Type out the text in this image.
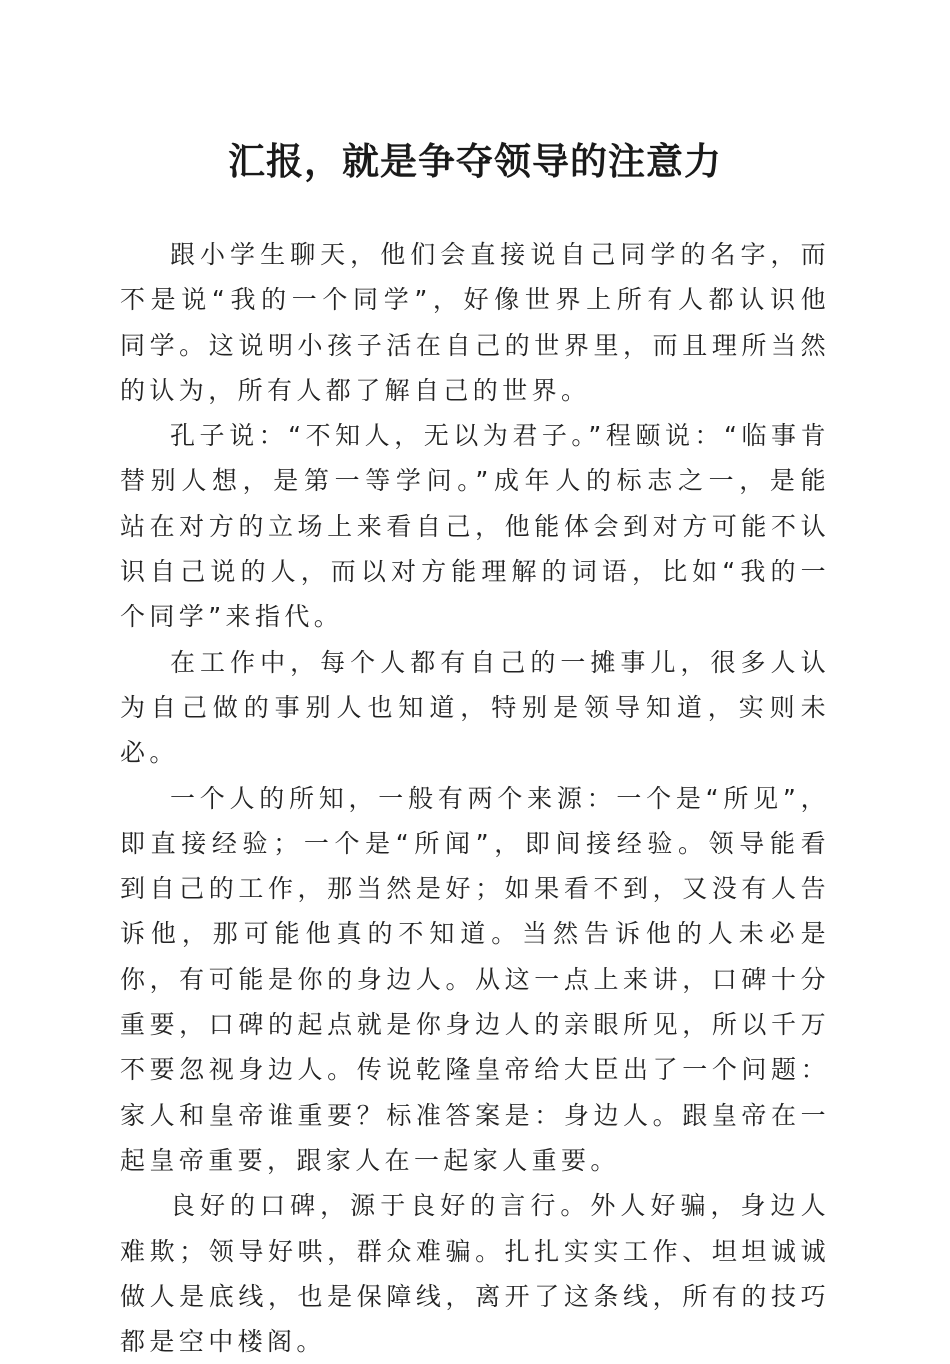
汇报，就是争夺领导的注意力

跟小学生聊天，他们会直接说自己同学的名字，而不是说“我的一个同学”，好像世界上所有人都认识他同学。这说明小孩子活在自己的世界里，而且理所当然的认为，所有人都了解自己的世界。

孔子说：“不知人，无以为君子。”程颐说：“临事肯替别人想，是第一等学问。”成年人的标志之一，是能站在对方的立场上来看自己，他能体会到对方可能不认识自己说的人，而以对方能理解的词语，比如“我的一个同学”来指代。

在工作中，每个人都有自己的一摊事儿，很多人认为自己做的事别人也知道，特别是领导知道，实则未必。

一个人的所知，一般有两个来源：一个是“所见”，即直接经验；一个是“所闻”，即间接经验。领导能看到自己的工作，那当然是好；如果看不到，又没有人告诉他，那可能他真的不知道。当然告诉他的人未必是你，有可能是你的身边人。从这一点上来讲，口碑十分重要，口碑的起点就是你身边人的亲眼所见，所以千万不要忽视身边人。传说乾隆皇帝给大臣出了一个问题：家人和皇帝谁重要？标准答案是：身边人。跟皇帝在一起皇帝重要，跟家人在一起家人重要。

良好的口碑，源于良好的言行。外人好骗，身边人难欺；领导好哄，群众难骗。扎扎实实工作、坦坦诚诚做人是底线，也是保障线，离开了这条线，所有的技巧都是空中楼阁。
